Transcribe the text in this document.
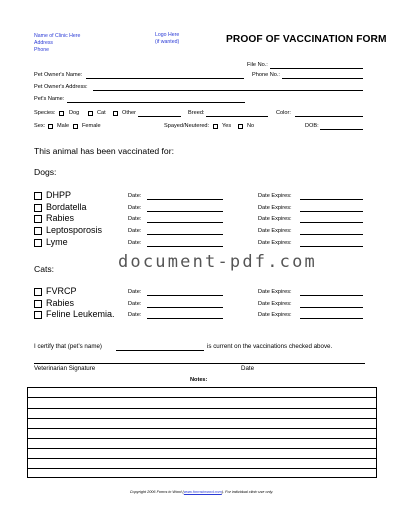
Name of Clinic Here
Address
Phone
Logo Here
(if wanted)	PROOF OF VACCINATION FORM
File No.:
Pet Owner's Name:	Phone No.:
Pet Owner's Address:
Pet's Name:
Species: Dog	Cat	Other	Breed:	Color:
Sex: Male Female	Spayed/Neutered: Yes	No	DOB:
This animal has been vaccinated for:
Dogs:
DHPP	Date:	Date Expires:
Bordatella	Date:	Date Expires:
Rabies	Date:	Date Expires:
Leptosporosis	Date:	Date Expires:
Lyme	Date:	Date Expires:
document-pdf.com
Cats:
FVRCP	Date:	Date Expires:
Rabies	Date:	Date Expires:
Feline Leukemia. Date:	Date Expires:
I certify that (pet’s name)	is current on the vaccinations checked above.
Veterinarian Signature	Date
Notes:
Copyright 2006 Forms in Word (www.formsinword.com). For individual clinic use only.
